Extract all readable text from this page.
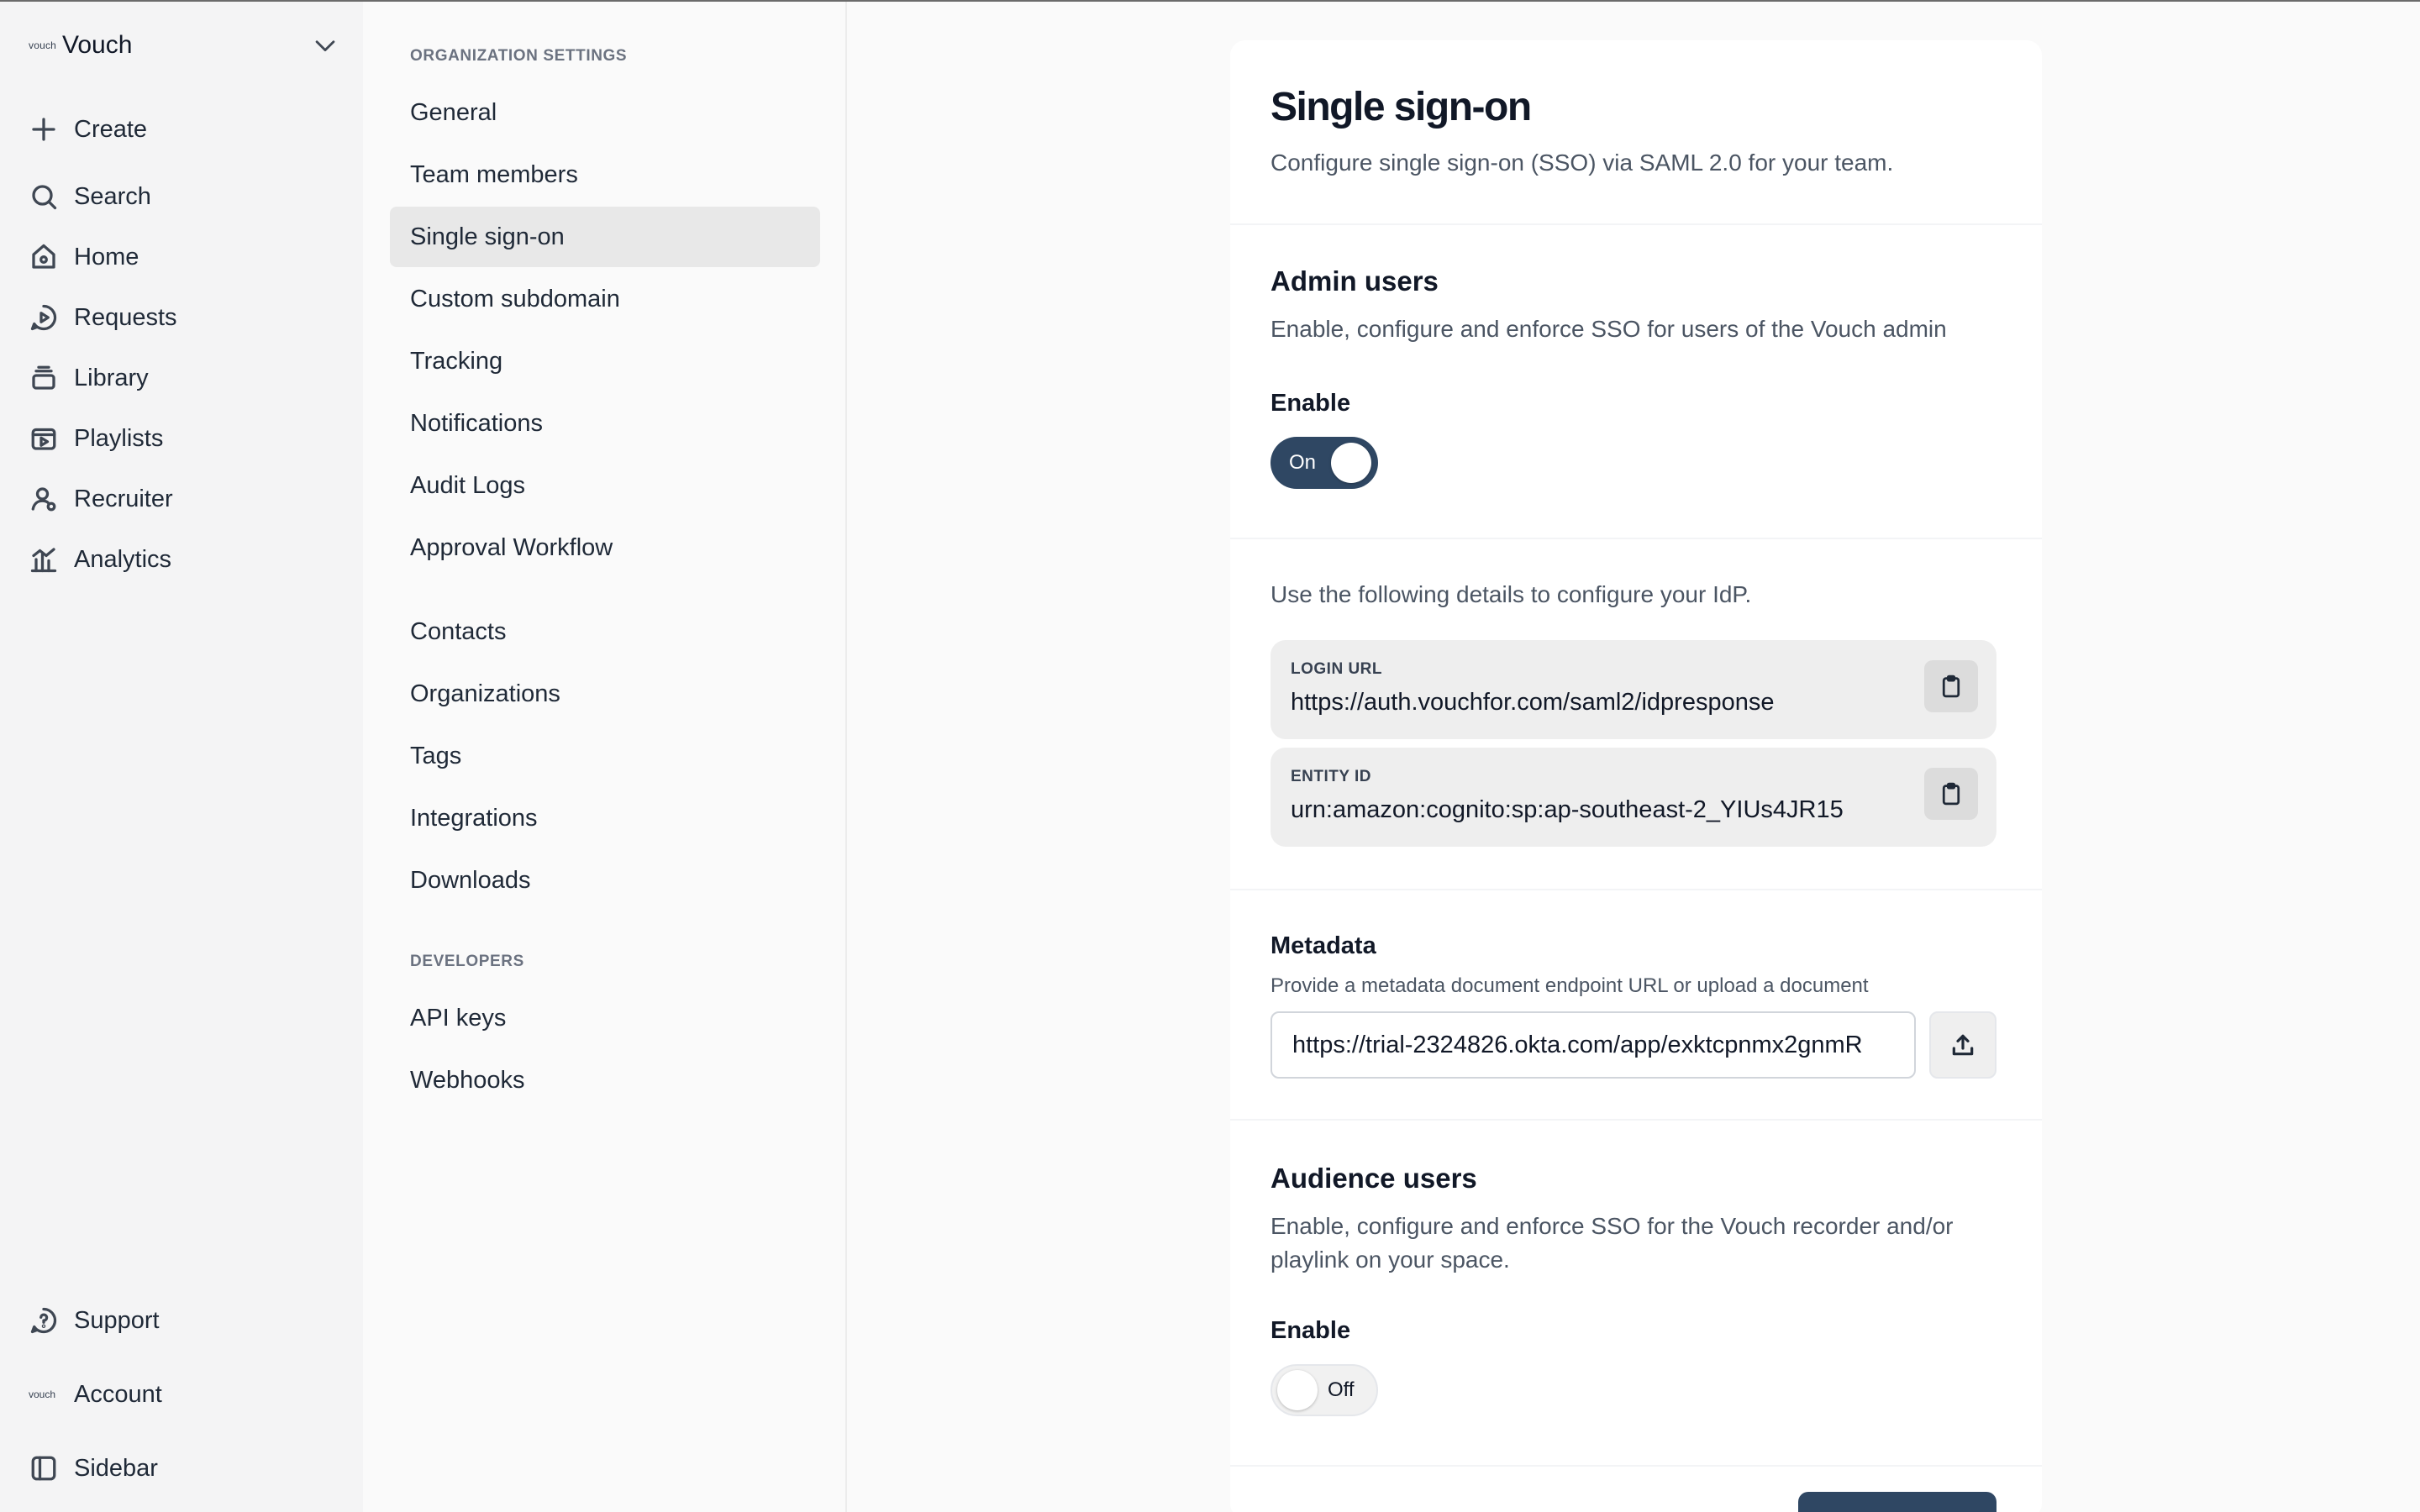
vouch Vouch
Create
Search
Home
Requests
Library
Playlists
Recruiter
Analytics
Support
vouch Account
Sidebar
ORGANIZATION SETTINGS
General
Team members
Single sign-on
Custom subdomain
Tracking
Notifications
Audit Logs
Approval Workflow
Contacts
Organizations
Tags
Integrations
Downloads
DEVELOPERS
API keys
Webhooks
Single sign-on

Configure single sign-on (SSO) via SAML 2.0 for your team.

Admin users

Enable, configure and enforce SSO for users of the Vouch admin

Enable
On

Use the following details to configure your IdP.

LOGIN URL
https://auth.vouchfor.com/saml2/idpresponse
ENTITY ID
urn:amazon:cognito:sp:ap-southeast-2_YIUs4JR15
Metadata

Provide a metadata document endpoint URL or upload a document

https://trial-2324826.okta.com/app/exktcpnmx2gnmR
Audience users

Enable, configure and enforce SSO for the Vouch recorder and/or playlink on your space.

Enable
Off
